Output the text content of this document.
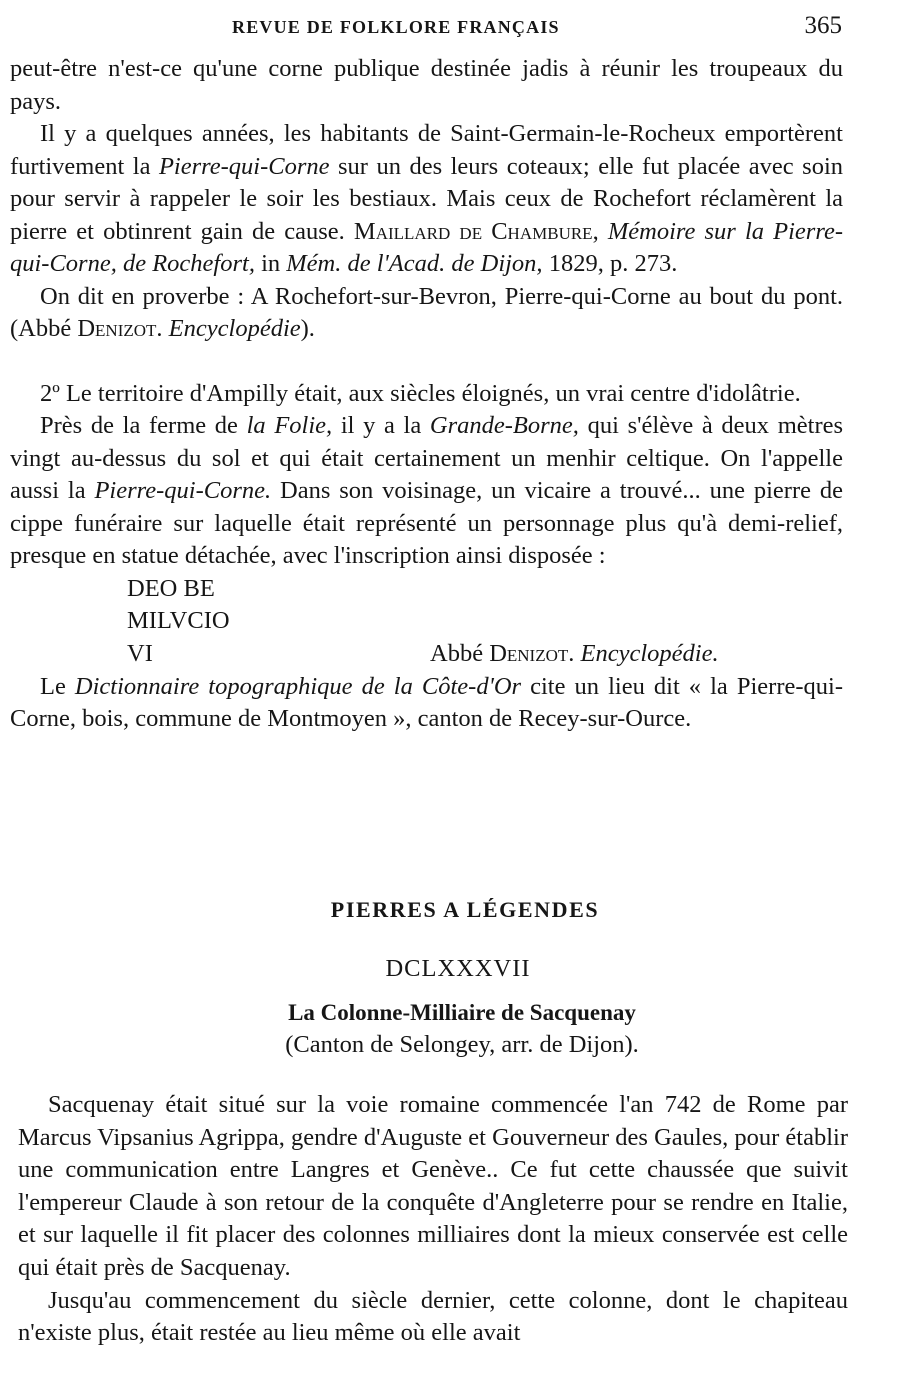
REVUE DE FOLKLORE FRANÇAIS	365

peut-être n'est-ce qu'une corne publique destinée jadis à réunir les troupeaux du pays.

Il y a quelques années, les habitants de Saint-Germain-le-Rocheux emportèrent furtivement la Pierre-qui-Corne sur un des leurs coteaux; elle fut placée avec soin pour servir à rappeler le soir les bestiaux. Mais ceux de Rochefort réclamèrent la pierre et obtinrent gain de cause. Maillard de Chambure, Mémoire sur la Pierre-qui-Corne, de Rochefort, in Mém. de l'Acad. de Dijon, 1829, p. 273.

On dit en proverbe : A Rochefort-sur-Bevron, Pierre-qui-Corne au bout du pont. (Abbé Denizot. Encyclopédie).

2º Le territoire d'Ampilly était, aux siècles éloignés, un vrai centre d'idolâtrie.

Près de la ferme de la Folie, il y a la Grande-Borne, qui s'élève à deux mètres vingt au-dessus du sol et qui était certainement un menhir celtique. On l'appelle aussi la Pierre-qui-Corne. Dans son voisinage, un vicaire a trouvé... une pierre de cippe funéraire sur laquelle était représenté un personnage plus qu'à demi-relief, presque en statue détachée, avec l'inscription ainsi disposée :

DEO BE
MILVCIO
VI	Abbé Denizot. Encyclopédie.

Le Dictionnaire topographique de la Côte-d'Or cite un lieu dit « la Pierre-qui-Corne, bois, commune de Montmoyen », canton de Recey-sur-Ource.

PIERRES A LÉGENDES
DCLXXXVII
La Colonne-Milliaire de Sacquenay
(Canton de Selongey, arr. de Dijon).

Sacquenay était situé sur la voie romaine commencée l'an 742 de Rome par Marcus Vipsanius Agrippa, gendre d'Auguste et Gouverneur des Gaules, pour établir une communication entre Langres et Genève.. Ce fut cette chaussée que suivit l'empereur Claude à son retour de la conquête d'Angleterre pour se rendre en Italie, et sur laquelle il fit placer des colonnes milliaires dont la mieux conservée est celle qui était près de Sacquenay.

Jusqu'au commencement du siècle dernier, cette colonne, dont le chapiteau n'existe plus, était restée au lieu même où elle avait
